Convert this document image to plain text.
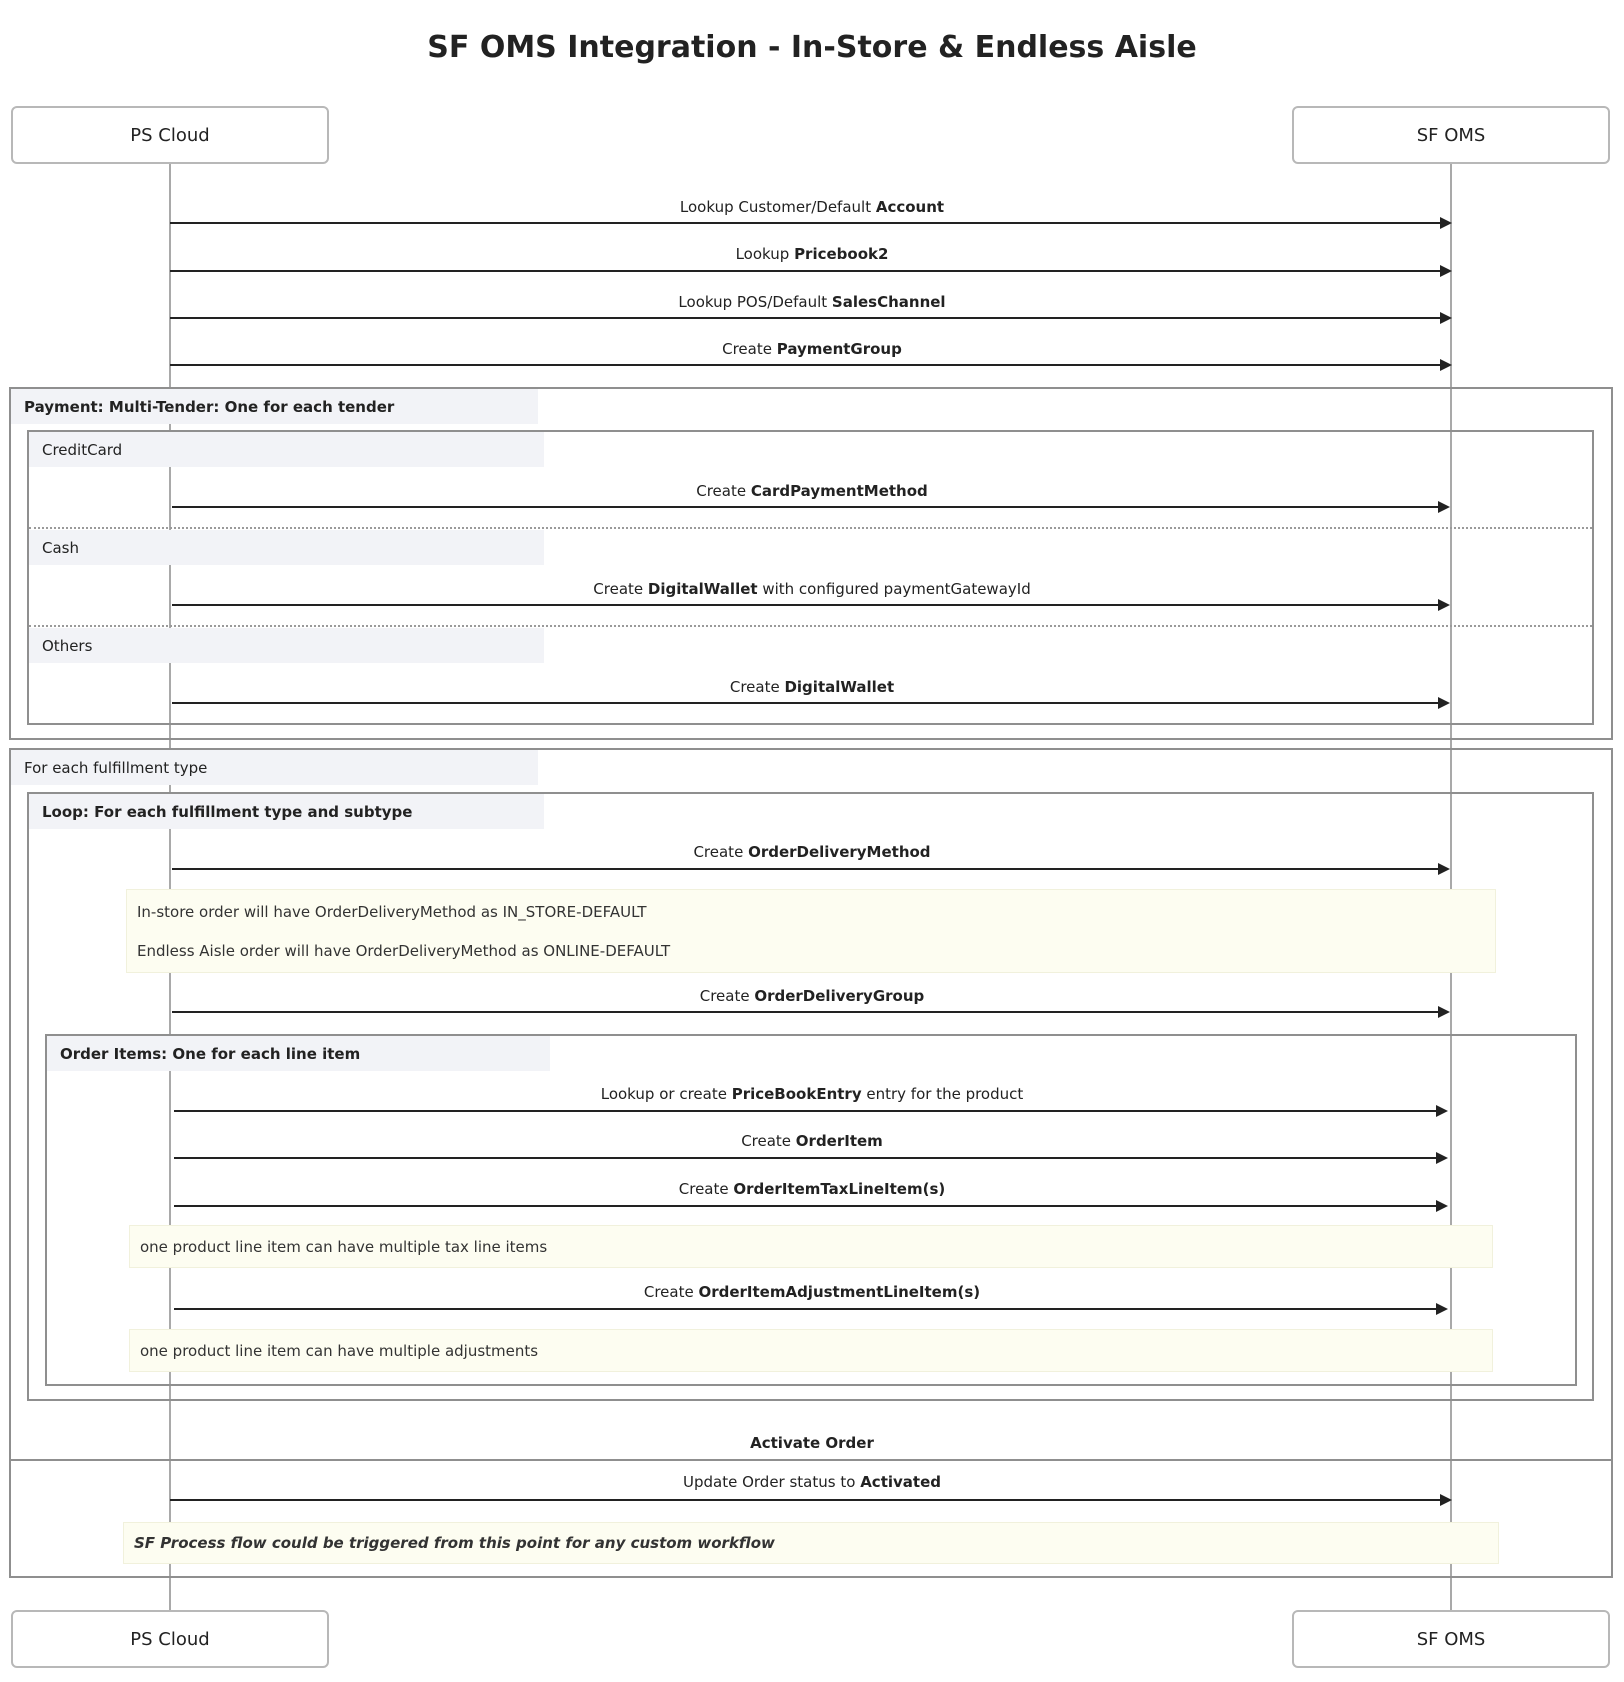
SF OMS Integration - In-Store & Endless Aisle
PS Cloud	SF OMS
PS Cloud	SF OMS
Payment: Multi-Tender: One for each tender
CreditCard
Cash
Others
For each fulfillment type
Loop: For each fulfillment type and subtype
Order Items: One for each line item
Activate Order

In-store order will have OrderDeliveryMethod as IN_STORE-DEFAULT

Endless Aisle order will have OrderDeliveryMethod as ONLINE-DEFAULT

one product line item can have multiple tax line items

one product line item can have multiple adjustments

SF Process flow could be triggered from this point for any custom workflow

Lookup Customer/Default Account
Lookup Pricebook2
Lookup POS/Default SalesChannel
Create PaymentGroup
Create CardPaymentMethod
Create DigitalWallet with configured paymentGatewayId
Create DigitalWallet
Create OrderDeliveryMethod
Create OrderDeliveryGroup
Lookup or create PriceBookEntry entry for the product
Create OrderItem
Create OrderItemTaxLineItem(s)
Create OrderItemAdjustmentLineItem(s)
Update Order status to Activated
